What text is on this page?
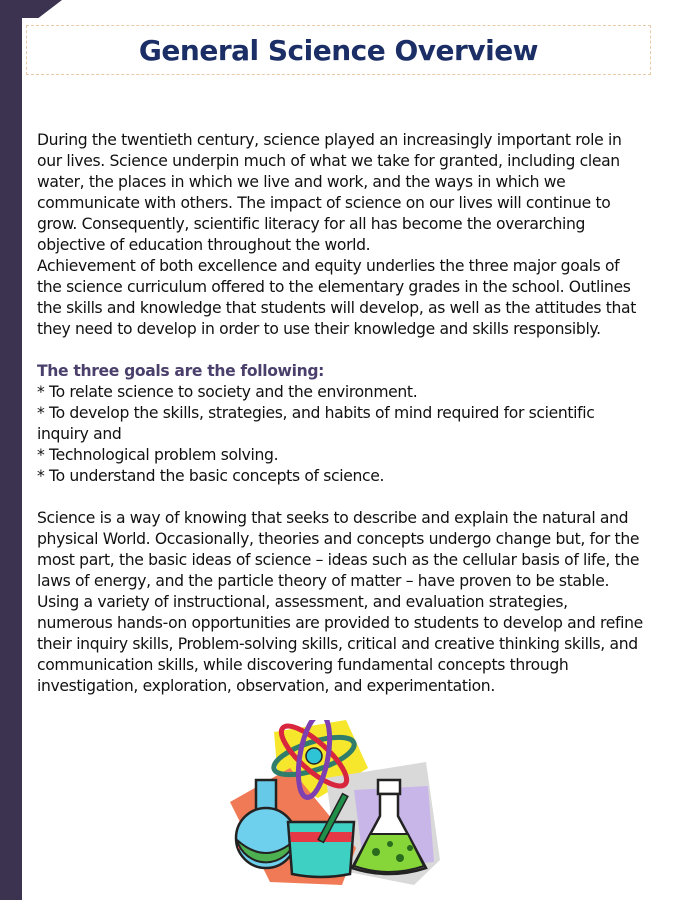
General Science Overview

During the twentieth century, science played an increasingly important role in our lives. Science underpin much of what we take for granted, including clean water, the places in which we live and work, and the ways in which we communicate with others. The impact of science on our lives will continue to grow. Consequently, scientific literacy for all has become the overarching objective of education throughout the world.

Achievement of both excellence and equity underlies the three major goals of the science curriculum offered to the elementary grades in the school. Outlines the skills and knowledge that students will develop, as well as the attitudes that they need to develop in order to use their knowledge and skills responsibly.

The three goals are the following:

* To relate science to society and the environment.

* To develop the skills, strategies, and habits of mind required for scientific inquiry and

* Technological problem solving.

* To understand the basic concepts of science.

Science is a way of knowing that seeks to describe and explain the natural and physical World. Occasionally, theories and concepts undergo change but, for the most part, the basic ideas of science – ideas such as the cellular basis of life, the laws of energy, and the particle theory of matter – have proven to be stable. Using a variety of instructional, assessment, and evaluation strategies, numerous hands-on opportunities are provided to students to develop and refine their inquiry skills, Problem-solving skills, critical and creative thinking skills, and communication skills, while discovering fundamental concepts through investigation, exploration, observation, and experimentation.
